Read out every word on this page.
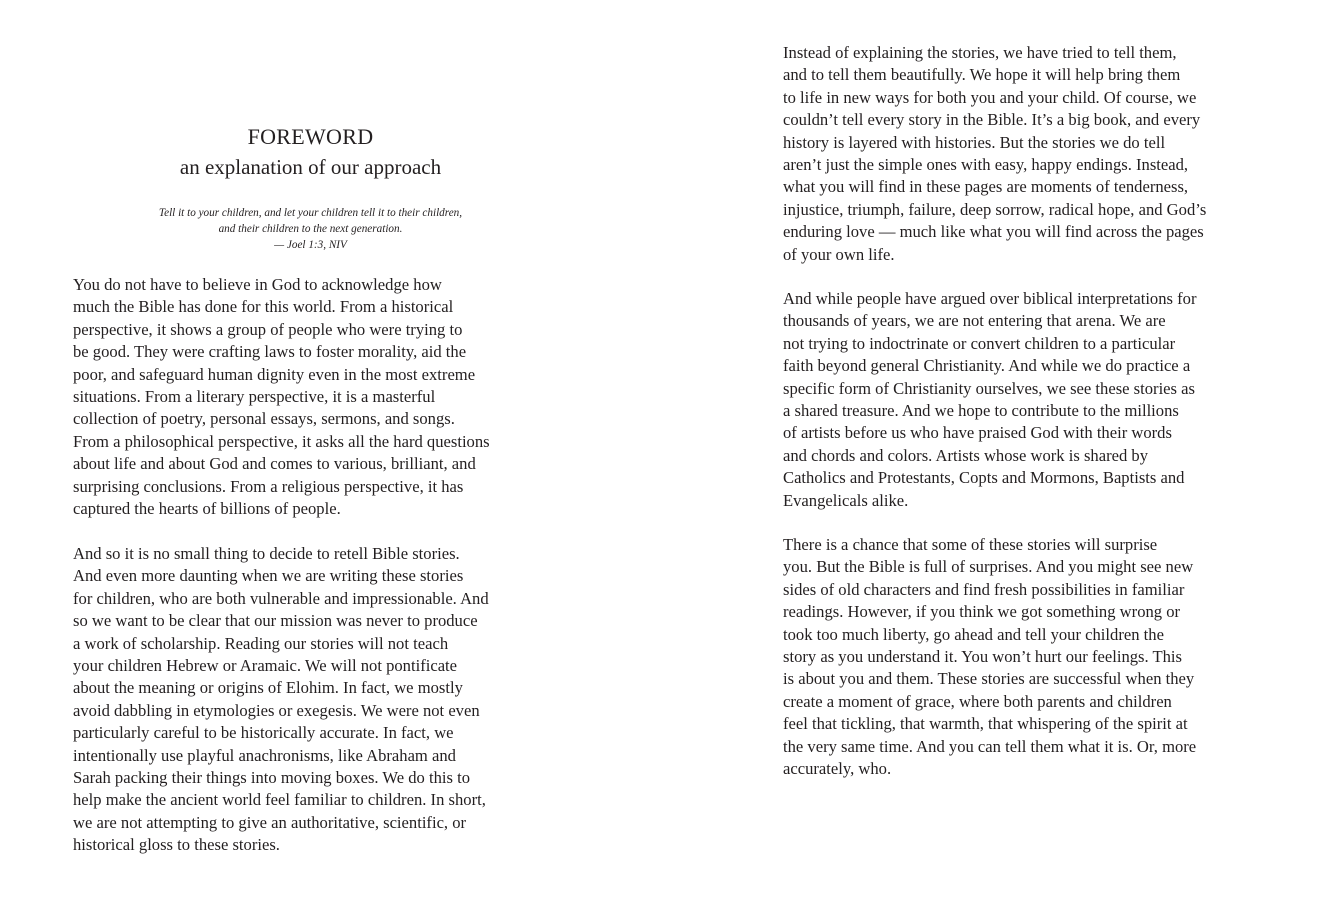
FOREWORD
an explanation of our approach
Tell it to your children, and let your children tell it to their children,
and their children to the next generation.
— Joel 1:3, NIV

You do not have to believe in God to acknowledge how
much the Bible has done for this world. From a historical
perspective, it shows a group of people who were trying to
be good. They were crafting laws to foster morality, aid the
poor, and safeguard human dignity even in the most extreme
situations. From a literary perspective, it is a masterful
collection of poetry, personal essays, sermons, and songs.
From a philosophical perspective, it asks all the hard questions
about life and about God and comes to various, brilliant, and
surprising conclusions. From a religious perspective, it has
captured the hearts of billions of people.

And so it is no small thing to decide to retell Bible stories.
And even more daunting when we are writing these stories
for children, who are both vulnerable and impressionable. And
so we want to be clear that our mission was never to produce
a work of scholarship. Reading our stories will not teach
your children Hebrew or Aramaic. We will not pontificate
about the meaning or origins of Elohim. In fact, we mostly
avoid dabbling in etymologies or exegesis. We were not even
particularly careful to be historically accurate. In fact, we
intentionally use playful anachronisms, like Abraham and
Sarah packing their things into moving boxes. We do this to
help make the ancient world feel familiar to children. In short,
we are not attempting to give an authoritative, scientific, or
historical gloss to these stories.

Instead of explaining the stories, we have tried to tell them,
and to tell them beautifully. We hope it will help bring them
to life in new ways for both you and your child. Of course, we
couldn’t tell every story in the Bible. It’s a big book, and every
history is layered with histories. But the stories we do tell
aren’t just the simple ones with easy, happy endings. Instead,
what you will find in these pages are moments of tenderness,
injustice, triumph, failure, deep sorrow, radical hope, and God’s
enduring love — much like what you will find across the pages
of your own life.

And while people have argued over biblical interpretations for
thousands of years, we are not entering that arena. We are
not trying to indoctrinate or convert children to a particular
faith beyond general Christianity. And while we do practice a
specific form of Christianity ourselves, we see these stories as
a shared treasure. And we hope to contribute to the millions
of artists before us who have praised God with their words
and chords and colors. Artists whose work is shared by
Catholics and Protestants, Copts and Mormons, Baptists and
Evangelicals alike.

There is a chance that some of these stories will surprise
you. But the Bible is full of surprises. And you might see new
sides of old characters and find fresh possibilities in familiar
readings. However, if you think we got something wrong or
took too much liberty, go ahead and tell your children the
story as you understand it. You won’t hurt our feelings. This
is about you and them. These stories are successful when they
create a moment of grace, where both parents and children
feel that tickling, that warmth, that whispering of the spirit at
the very same time. And you can tell them what it is. Or, more
accurately, who.
